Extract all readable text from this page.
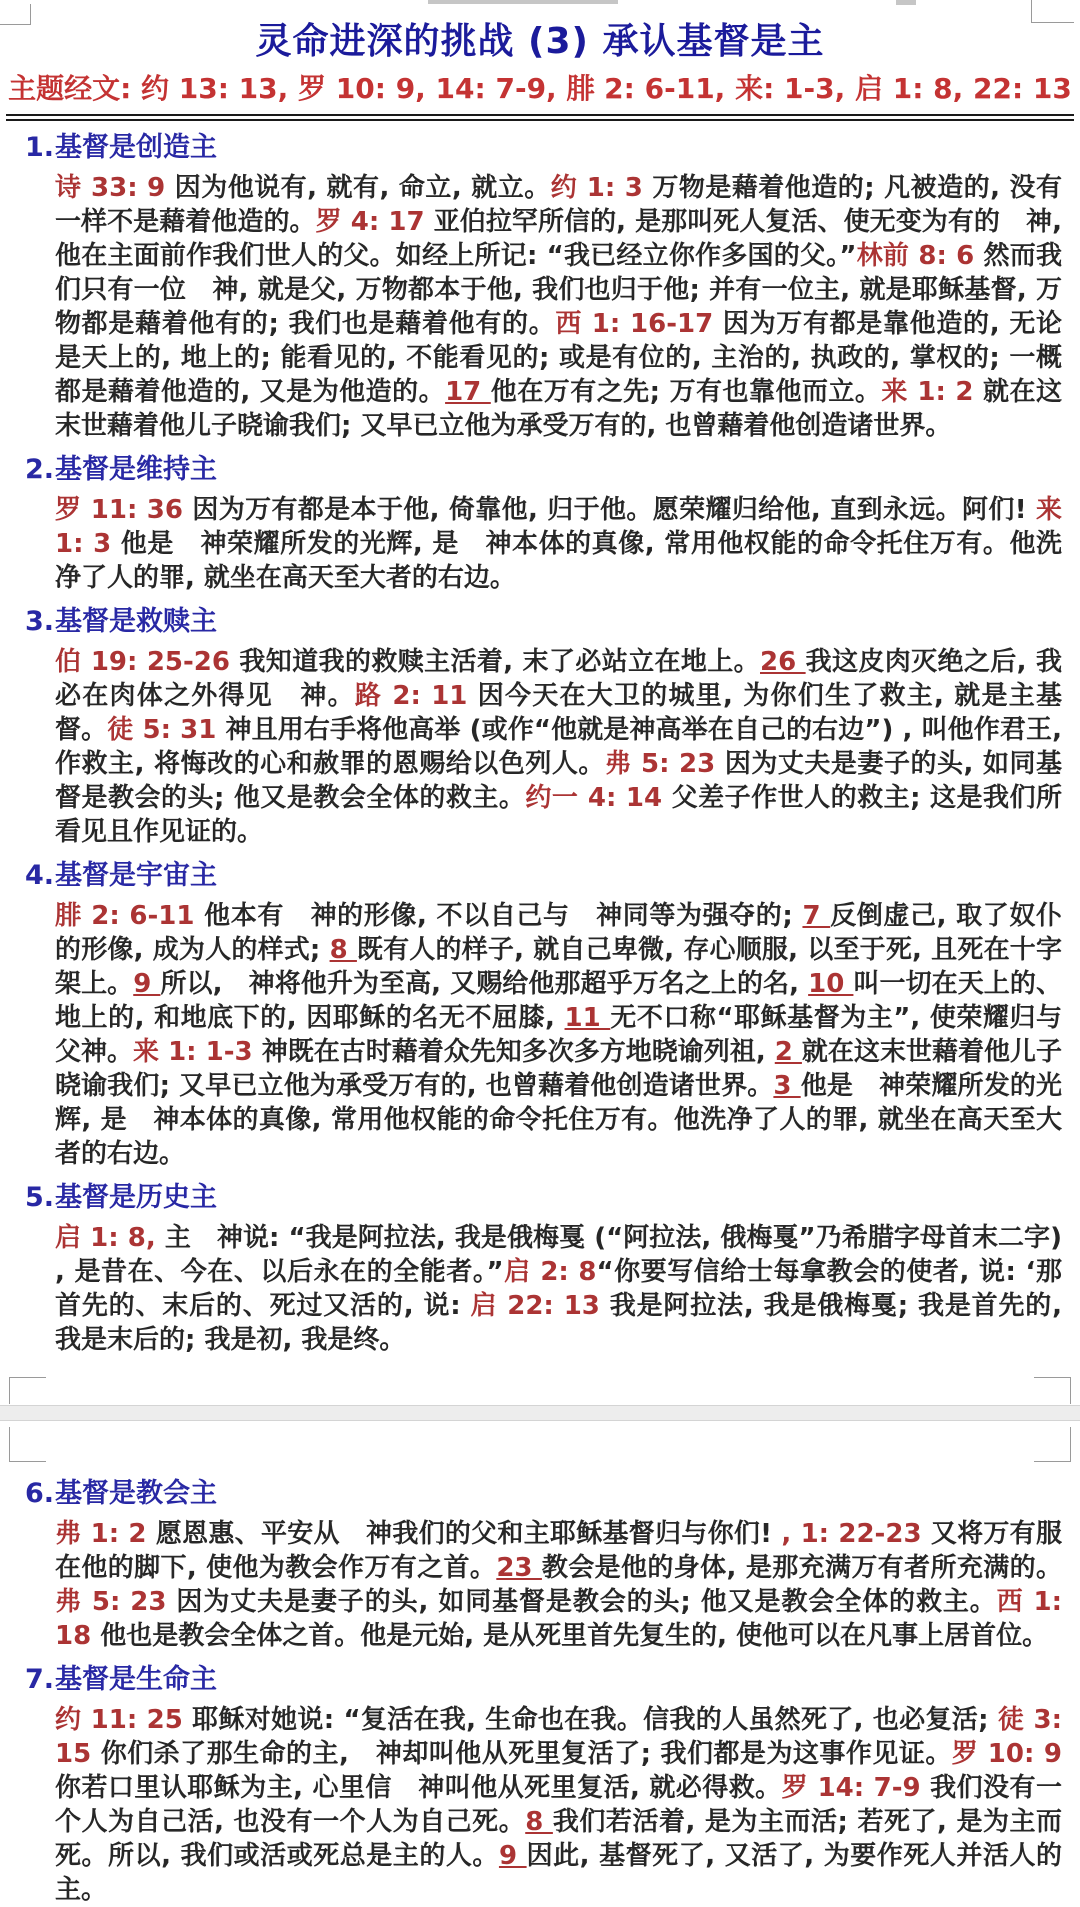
灵命进深的挑战 (3) 承认基督是主
主题经文: 约 13: 13, 罗 10: 9, 14: 7-9, 腓 2: 6-11, 来: 1-3, 启 1: 8, 22: 13
1.基督是创造主

诗 33: 9 因为他说有, 就有, 命立, 就立。约 1: 3 万物是藉着他造的; 凡被造的, 没有一样不是藉着他造的。罗 4: 17 亚伯拉罕所信的, 是那叫死人复活、使无变为有的　神, 他在主面前作我们世人的父。如经上所记: “我已经立你作多国的父。”林前 8: 6 然而我们只有一位　神, 就是父, 万物都本于他, 我们也归于他; 并有一位主, 就是耶稣基督, 万物都是藉着他有的; 我们也是藉着他有的。西 1: 16-17 因为万有都是靠他造的, 无论是天上的, 地上的; 能看见的, 不能看见的; 或是有位的, 主治的, 执政的, 掌权的; 一概都是藉着他造的, 又是为他造的。17 他在万有之先; 万有也靠他而立。来 1: 2 就在这末世藉着他儿子晓谕我们; 又早已立他为承受万有的, 也曾藉着他创造诸世界。

2.基督是维持主

罗 11: 36 因为万有都是本于他, 倚靠他, 归于他。愿荣耀归给他, 直到永远。阿们! 来 1: 3 他是　神荣耀所发的光辉, 是　神本体的真像, 常用他权能的命令托住万有。他洗净了人的罪, 就坐在高天至大者的右边。

3.基督是救赎主

伯 19: 25-26 我知道我的救赎主活着, 末了必站立在地上。26 我这皮肉灭绝之后, 我必在肉体之外得见　神。路 2: 11 因今天在大卫的城里, 为你们生了救主, 就是主基督。徒 5: 31 神且用右手将他高举 (或作“他就是神高举在自己的右边”) , 叫他作君王, 作救主, 将悔改的心和赦罪的恩赐给以色列人。弗 5: 23 因为丈夫是妻子的头, 如同基督是教会的头; 他又是教会全体的救主。约一 4: 14 父差子作世人的救主; 这是我们所看见且作见证的。

4.基督是宇宙主

腓 2: 6-11 他本有　神的形像, 不以自己与　神同等为强夺的; 7 反倒虚己, 取了奴仆的形像, 成为人的样式; 8 既有人的样子, 就自己卑微, 存心顺服, 以至于死, 且死在十字架上。9 所以,　神将他升为至高, 又赐给他那超乎万名之上的名, 10 叫一切在天上的、地上的, 和地底下的, 因耶稣的名无不屈膝, 11 无不口称“耶稣基督为主”, 使荣耀归与父神。来 1: 1-3 神既在古时藉着众先知多次多方地晓谕列祖, 2 就在这末世藉着他儿子晓谕我们; 又早已立他为承受万有的, 也曾藉着他创造诸世界。3 他是　神荣耀所发的光辉, 是　神本体的真像, 常用他权能的命令托住万有。他洗净了人的罪, 就坐在高天至大者的右边。

5.基督是历史主

启 1: 8, 主　神说: “我是阿拉法, 我是俄梅戛 (“阿拉法, 俄梅戛”乃希腊字母首末二字) , 是昔在、今在、以后永在的全能者。”启 2: 8“你要写信给士每拿教会的使者, 说: ‘那首先的、末后的、死过又活的, 说: 启 22: 13 我是阿拉法, 我是俄梅戛; 我是首先的, 我是末后的; 我是初, 我是终。

6.基督是教会主

弗 1: 2 愿恩惠、平安从　神我们的父和主耶稣基督归与你们! , 1: 22-23 又将万有服在他的脚下, 使他为教会作万有之首。23 教会是他的身体, 是那充满万有者所充满的。弗 5: 23 因为丈夫是妻子的头, 如同基督是教会的头; 他又是教会全体的救主。西 1: 18 他也是教会全体之首。他是元始, 是从死里首先复生的, 使他可以在凡事上居首位。

7.基督是生命主

约 11: 25 耶稣对她说: “复活在我, 生命也在我。信我的人虽然死了, 也必复活; 徒 3: 15 你们杀了那生命的主,　神却叫他从死里复活了; 我们都是为这事作见证。罗 10: 9 你若口里认耶稣为主, 心里信　神叫他从死里复活, 就必得救。罗 14: 7-9 我们没有一个人为自己活, 也没有一个人为自己死。8 我们若活着, 是为主而活; 若死了, 是为主而死。所以, 我们或活或死总是主的人。9 因此, 基督死了, 又活了, 为要作死人并活人的主。
